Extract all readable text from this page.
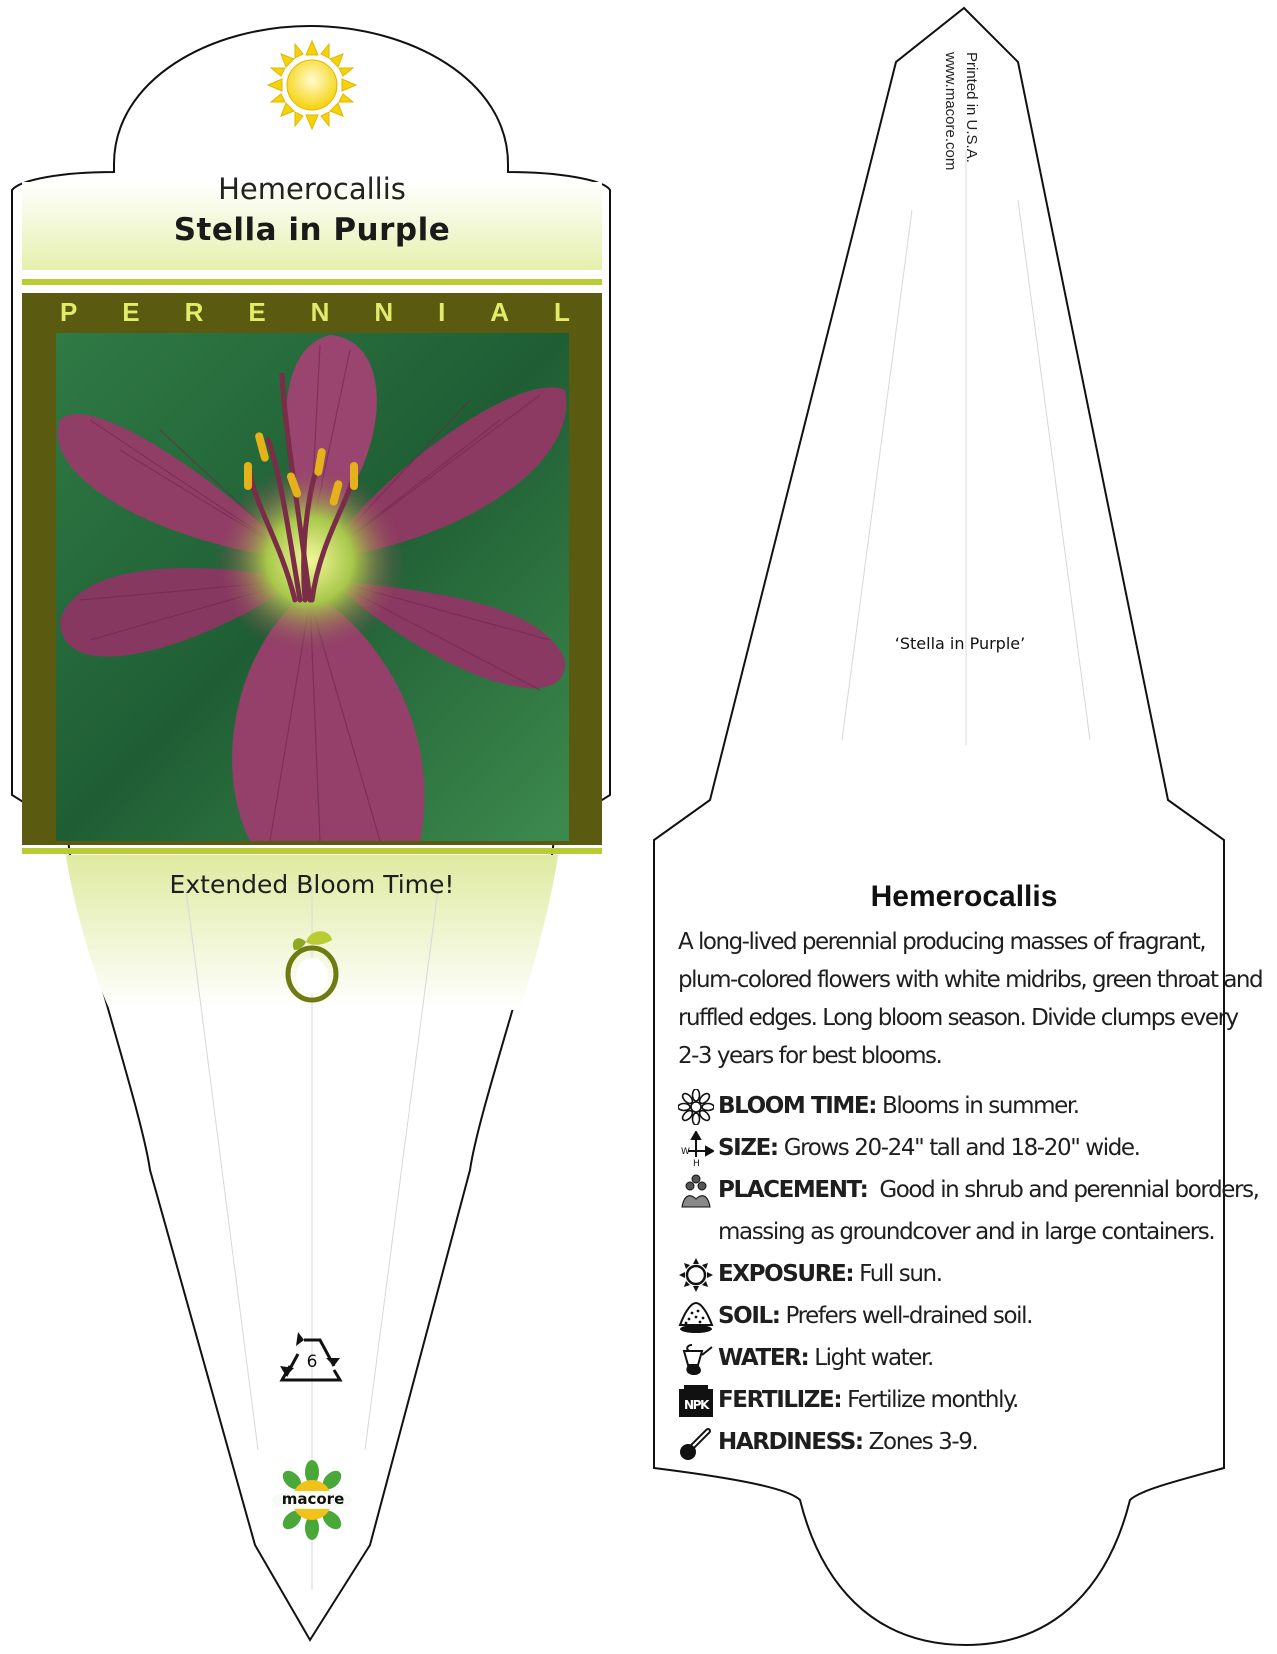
Hemerocallis
Stella in Purple
P E R E N N I A L
Extended Bloom Time!
6
macore
Printed in U.S.A.
www.macore.com
‘Stella in Purple’
Hemerocallis
A long-lived perennial producing masses of fragrant, plum-colored flowers with white midribs, green throat and ruffled edges. Long bloom season. Divide clumps every 2-3 years for best blooms.
BLOOM TIME: Blooms in summer.
W
H
SIZE: Grows 20-24" tall and 18-20" wide.
PLACEMENT: Good in shrub and perennial borders, massing as groundcover and in large containers.
EXPOSURE: Full sun.
SOIL: Prefers well-drained soil.
WATER: Light water.
NPK FERTILIZE: Fertilize monthly.
HARDINESS: Zones 3-9.
